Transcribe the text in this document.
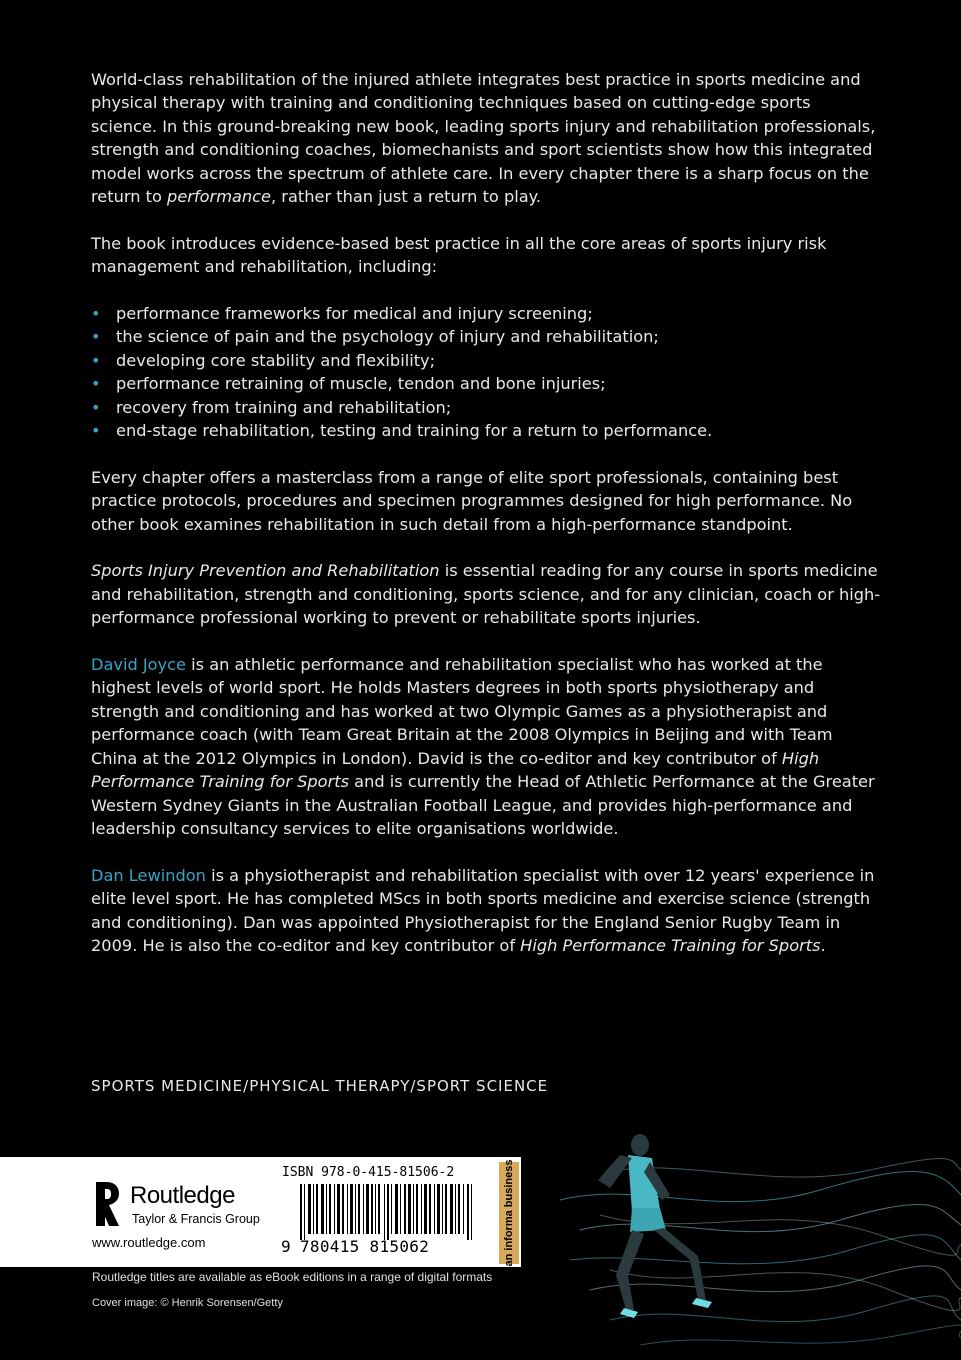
World-class rehabilitation of the injured athlete integrates best practice in sports medicine and physical therapy with training and conditioning techniques based on cutting-edge sports science. In this ground-breaking new book, leading sports injury and rehabilitation professionals, strength and conditioning coaches, biomechanists and sport scientists show how this integrated model works across the spectrum of athlete care. In every chapter there is a sharp focus on the return to performance, rather than just a return to play.

The book introduces evidence-based best practice in all the core areas of sports injury risk management and rehabilitation, including:

• performance frameworks for medical and injury screening;
• the science of pain and the psychology of injury and rehabilitation;
• developing core stability and flexibility;
• performance retraining of muscle, tendon and bone injuries;
• recovery from training and rehabilitation;
• end-stage rehabilitation, testing and training for a return to performance.

Every chapter offers a masterclass from a range of elite sport professionals, containing best practice protocols, procedures and specimen programmes designed for high performance. No other book examines rehabilitation in such detail from a high-performance standpoint.

Sports Injury Prevention and Rehabilitation is essential reading for any course in sports medicine and rehabilitation, strength and conditioning, sports science, and for any clinician, coach or high-performance professional working to prevent or rehabilitate sports injuries.

David Joyce is an athletic performance and rehabilitation specialist who has worked at the highest levels of world sport. He holds Masters degrees in both sports physiotherapy and strength and conditioning and has worked at two Olympic Games as a physiotherapist and performance coach (with Team Great Britain at the 2008 Olympics in Beijing and with Team China at the 2012 Olympics in London). David is the co-editor and key contributor of High Performance Training for Sports and is currently the Head of Athletic Performance at the Greater Western Sydney Giants in the Australian Football League, and provides high-performance and leadership consultancy services to elite organisations worldwide.

Dan Lewindon is a physiotherapist and rehabilitation specialist with over 12 years' experience in elite level sport. He has completed MScs in both sports medicine and exercise science (strength and conditioning). Dan was appointed Physiotherapist for the England Senior Rugby Team in 2009. He is also the co-editor and key contributor of High Performance Training for Sports.

SPORTS MEDICINE/PHYSICAL THERAPY/SPORT SCIENCE
Routledge
Taylor & Francis Group
www.routledge.com
ISBN 978-0-415-81506-2
9 780415 815062	an informa business
Routledge titles are available as eBook editions in a range of digital formats
Cover image: © Henrik Sorensen/Getty
